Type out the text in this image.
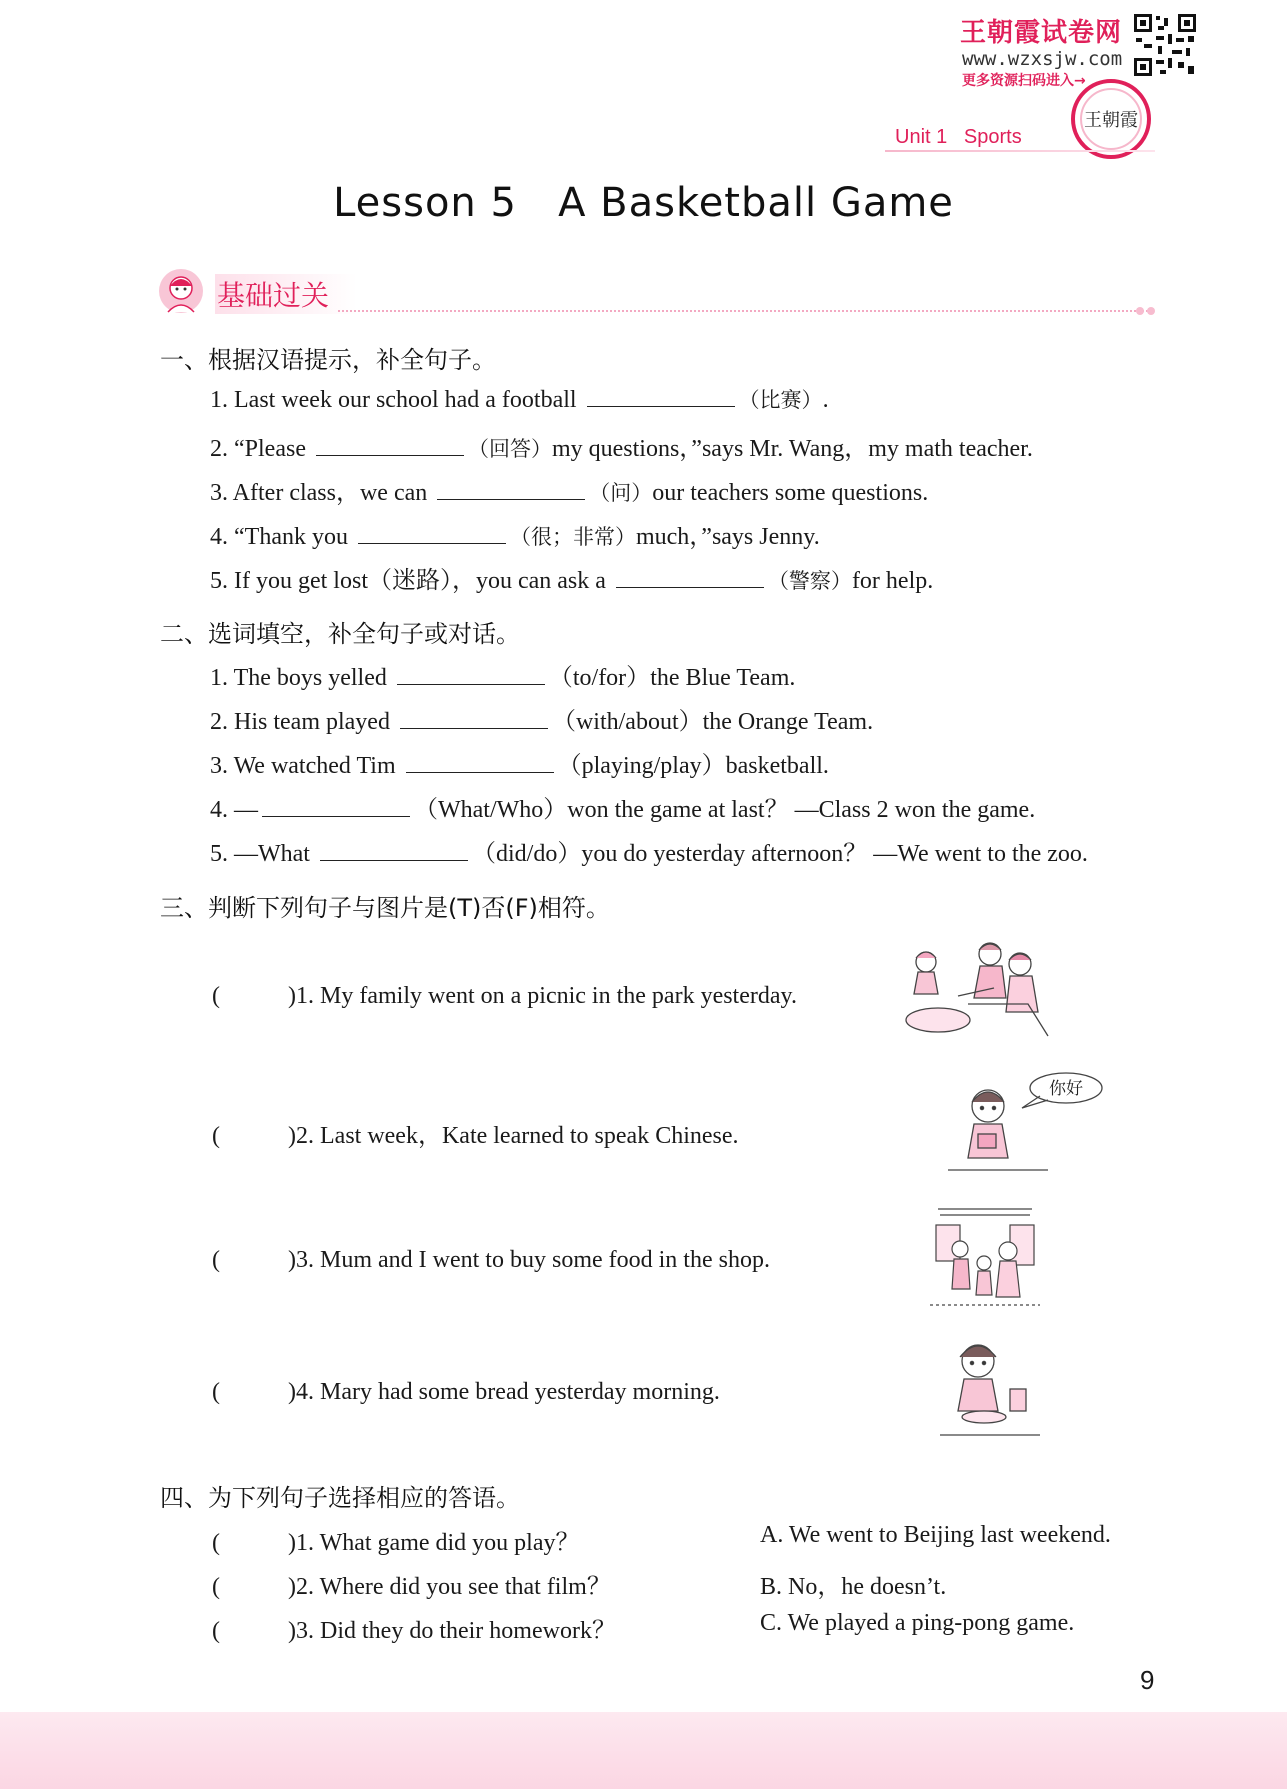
王朝霞试卷网
www.wzxsjw.com
更多资源扫码进入→
王朝霞
Unit 1 Sports
Lesson 5   A Basketball Game
基础过关
一、根据汉语提示，补全句子。
1. Last week our school had a football	（比赛）.
2. “Please	（回答）my questions，”says Mr. Wang，my math teacher.
3. After class，we can	（问）our teachers some questions.
4. “Thank you	（很；非常）much，”says Jenny.
5. If you get lost（迷路），you can ask a	（警察）for help.
二、选词填空，补全句子或对话。
1. The boys yelled	（to/for）the Blue Team.
2. His team played	（with/about）the Orange Team.
3. We watched Tim	（playing/play）basketball.
4. —	（What/Who）won the game at last？ —Class 2 won the game.
5. —What	（did/do）you do yesterday afternoon？ —We went to the zoo.
三、判断下列句子与图片是(T)否(F)相符。
(	)1. My family went on a picnic in the park yesterday.
(	)2. Last week，Kate learned to speak Chinese.
你好
(	)3. Mum and I went to buy some food in the shop.
(	)4. Mary had some bread yesterday morning.
四、为下列句子选择相应的答语。
(	)1. What game did you play？
(	)2. Where did you see that film？
(	)3. Did they do their homework？
A. We went to Beijing last weekend.
B. No，he doesn’t.
C. We played a ping-pong game.
9
